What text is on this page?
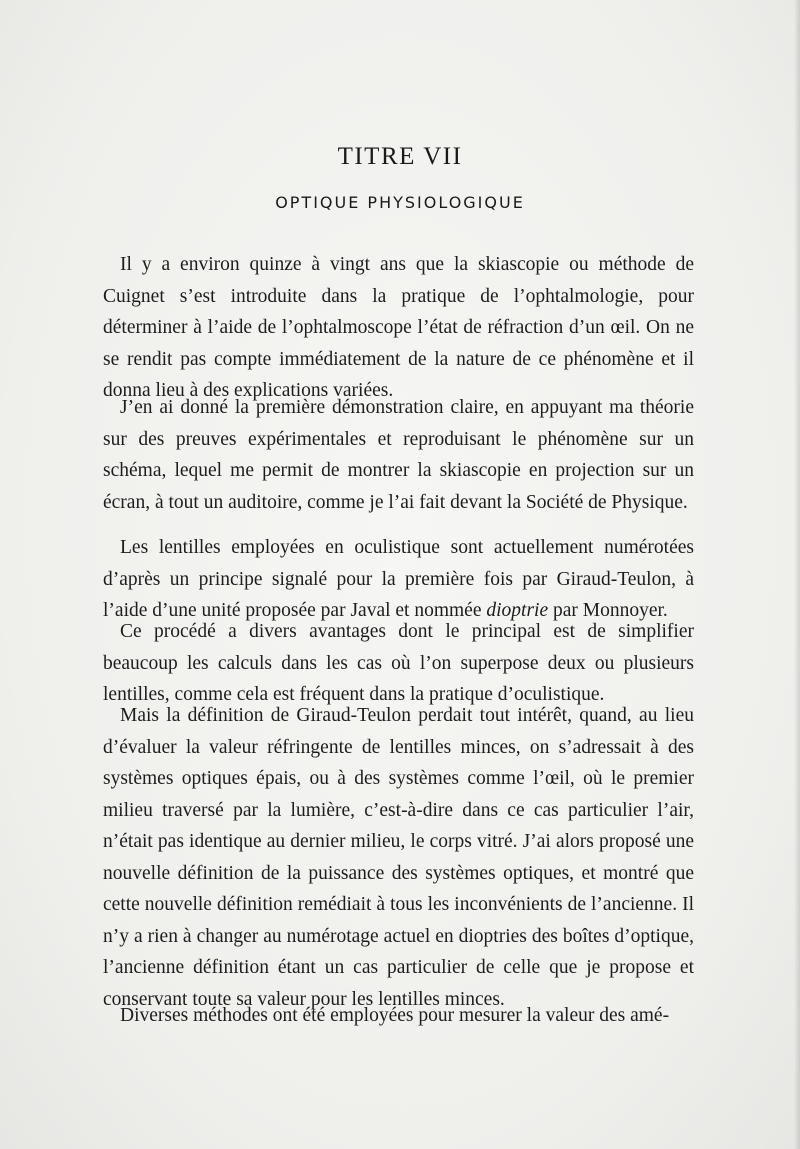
TITRE VII
OPTIQUE PHYSIOLOGIQUE

Il y a environ quinze à vingt ans que la skiascopie ou méthode de Cuignet s’est introduite dans la pratique de l’ophtalmologie, pour déterminer à l’aide de l’ophtalmoscope l’état de réfraction d’un œil. On ne se rendit pas compte immédiatement de la nature de ce phénomène et il donna lieu à des explications variées.

J’en ai donné la première démonstration claire, en appuyant ma théorie sur des preuves expérimentales et reproduisant le phénomène sur un schéma, lequel me permit de montrer la skiascopie en projection sur un écran, à tout un auditoire, comme je l’ai fait devant la Société de Physique.

Les lentilles employées en oculistique sont actuellement numérotées d’après un principe signalé pour la première fois par Giraud-Teulon, à l’aide d’une unité proposée par Javal et nommée dioptrie par Monnoyer.

Ce procédé a divers avantages dont le principal est de simplifier beaucoup les calculs dans les cas où l’on superpose deux ou plusieurs lentilles, comme cela est fréquent dans la pratique d’oculistique.

Mais la définition de Giraud-Teulon perdait tout intérêt, quand, au lieu d’évaluer la valeur réfringente de lentilles minces, on s’adressait à des systèmes optiques épais, ou à des systèmes comme l’œil, où le premier milieu traversé par la lumière, c’est-à-dire dans ce cas particulier l’air, n’était pas identique au dernier milieu, le corps vitré. J’ai alors proposé une nouvelle définition de la puissance des systèmes optiques, et montré que cette nouvelle définition remédiait à tous les inconvénients de l’ancienne. Il n’y a rien à changer au numérotage actuel en dioptries des boîtes d’optique, l’ancienne définition étant un cas particulier de celle que je propose et conservant toute sa valeur pour les lentilles minces.

Diverses méthodes ont été employées pour mesurer la valeur des amé-
